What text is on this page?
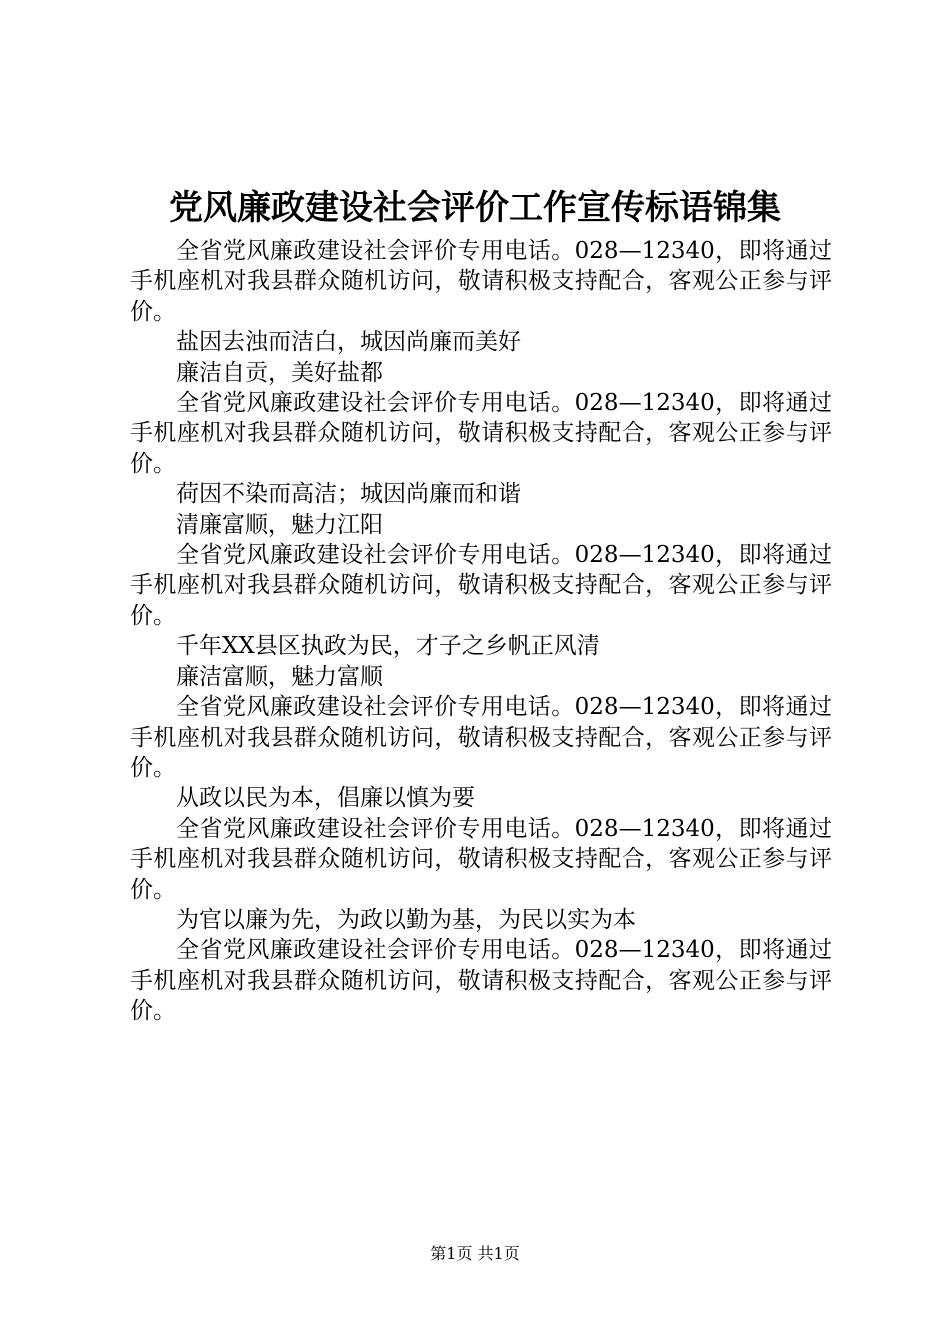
党风廉政建设社会评价工作宣传标语锦集

全省党风廉政建设社会评价专用电话。028—12340，即将通过手机座机对我县群众随机访问，敬请积极支持配合，客观公正参与评价。

盐因去浊而洁白，城因尚廉而美好

廉洁自贡，美好盐都

全省党风廉政建设社会评价专用电话。028—12340，即将通过手机座机对我县群众随机访问，敬请积极支持配合，客观公正参与评价。

荷因不染而高洁；城因尚廉而和谐

清廉富顺，魅力江阳

全省党风廉政建设社会评价专用电话。028—12340，即将通过手机座机对我县群众随机访问，敬请积极支持配合，客观公正参与评价。

千年XX县区执政为民，才子之乡帆正风清

廉洁富顺，魅力富顺

全省党风廉政建设社会评价专用电话。028—12340，即将通过手机座机对我县群众随机访问，敬请积极支持配合，客观公正参与评价。

从政以民为本，倡廉以慎为要

全省党风廉政建设社会评价专用电话。028—12340，即将通过手机座机对我县群众随机访问，敬请积极支持配合，客观公正参与评价。

为官以廉为先，为政以勤为基，为民以实为本

全省党风廉政建设社会评价专用电话。028—12340，即将通过手机座机对我县群众随机访问，敬请积极支持配合，客观公正参与评价。

第1页 共1页
